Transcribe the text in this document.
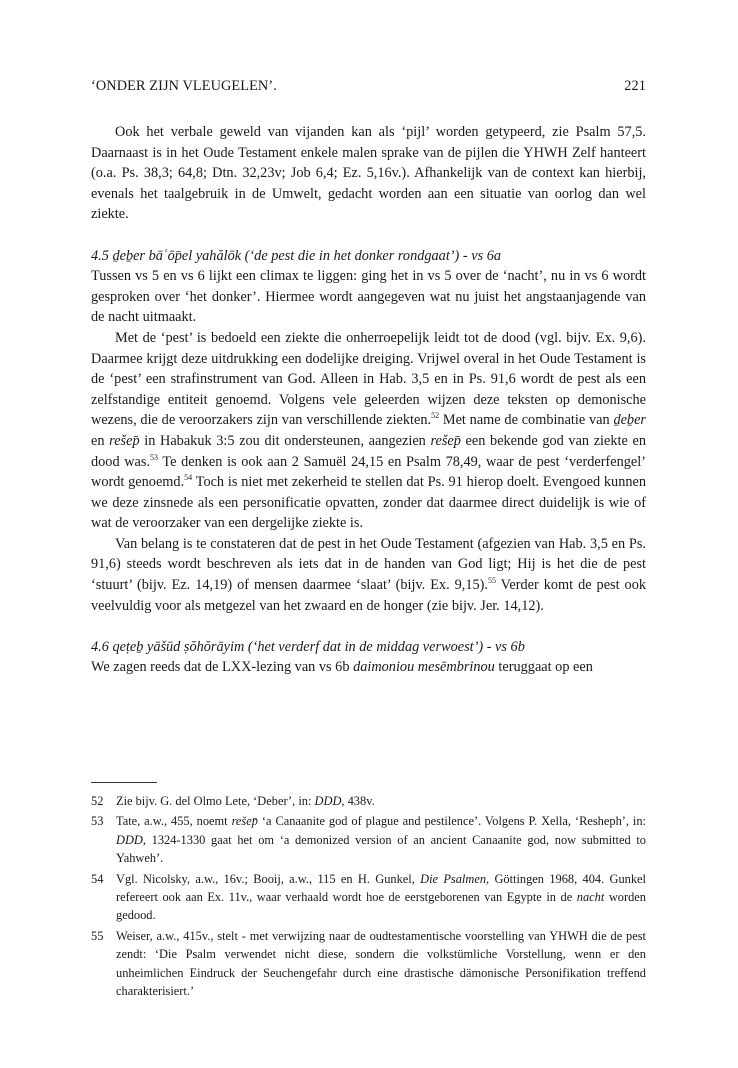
‘ONDER ZIJN VLEUGELEN’.	221

Ook het verbale geweld van vijanden kan als ‘pijl’ worden getypeerd, zie Psalm 57,5. Daarnaast is in het Oude Testament enkele malen sprake van de pijlen die YHWH Zelf hanteert (o.a. Ps. 38,3; 64,8; Dtn. 32,23v; Job 6,4; Ez. 5,16v.). Afhankelijk van de context kan hierbij, evenals het taalgebruik in de Umwelt, gedacht worden aan een situatie van oorlog dan wel ziekte.

4.5 ḏeḇer bāʿōp̄el yahălōk (‘de pest die in het donker rondgaat’) - vs 6a

Tussen vs 5 en vs 6 lijkt een climax te liggen: ging het in vs 5 over de ‘nacht’, nu in vs 6 wordt gesproken over ‘het donker’. Hiermee wordt aangegeven wat nu juist het angstaanjagende van de nacht uitmaakt.

Met de ‘pest’ is bedoeld een ziekte die onherroepelijk leidt tot de dood (vgl. bijv. Ex. 9,6). Daarmee krijgt deze uitdrukking een dodelijke dreiging. Vrijwel overal in het Oude Testament is de ‘pest’ een strafinstrument van God. Alleen in Hab. 3,5 en in Ps. 91,6 wordt de pest als een zelfstandige entiteit genoemd. Volgens vele geleerden wijzen deze teksten op demonische wezens, die de veroorzakers zijn van verschillende ziekten.$^{52}$ Met name de combinatie van ḏeḇer en rešep̄ in Habakuk 3:5 zou dit ondersteunen, aangezien rešep̄ een bekende god van ziekte en dood was.$^{53}$ Te denken is ook aan 2 Samuël 24,15 en Psalm 78,49, waar de pest ‘verderfengel’ wordt genoemd.$^{54}$ Toch is niet met zekerheid te stellen dat Ps. 91 hierop doelt. Evengoed kunnen we deze zinsnede als een personificatie opvatten, zonder dat daarmee direct duidelijk is wie of wat de veroorzaker van een dergelijke ziekte is.

Van belang is te constateren dat de pest in het Oude Testament (afgezien van Hab. 3,5 en Ps. 91,6) steeds wordt beschreven als iets dat in de handen van God ligt; Hij is het die de pest ‘stuurt’ (bijv. Ez. 14,19) of mensen daarmee ‘slaat’ (bijv. Ex. 9,15).$^{55}$ Verder komt de pest ook veelvuldig voor als metgezel van het zwaard en de honger (zie bijv. Jer. 14,12).

4.6 qeṭeḇ yāšūd ṣŏhŏrāyim (‘het verderf dat in de middag verwoest’) - vs 6b

We zagen reeds dat de LXX-lezing van vs 6b daimoniou mesēmbrinou teruggaat op een

52 Zie bijv. G. del Olmo Lete, ‘Deber’, in: DDD, 438v.
53 Tate, a.w., 455, noemt rešep̄ ‘a Canaanite god of plague and pestilence’. Volgens P. Xella, ‘Resheph’, in: DDD, 1324-1330 gaat het om ‘a demonized version of an ancient Canaanite god, now submitted to Yahweh’.
54 Vgl. Nicolsky, a.w., 16v.; Booij, a.w., 115 en H. Gunkel, Die Psalmen, Göttingen 1968, 404. Gunkel refereert ook aan Ex. 11v., waar verhaald wordt hoe de eerstgeborenen van Egypte in de nacht worden gedood.
55 Weiser, a.w., 415v., stelt - met verwijzing naar de oudtestamentische voorstelling van YHWH die de pest zendt: ‘Die Psalm verwendet nicht diese, sondern die volkstümliche Vorstellung, wenn er den unheimlichen Eindruck der Seuchengefahr durch eine drastische dämonische Personifikation treffend charakterisiert.’
